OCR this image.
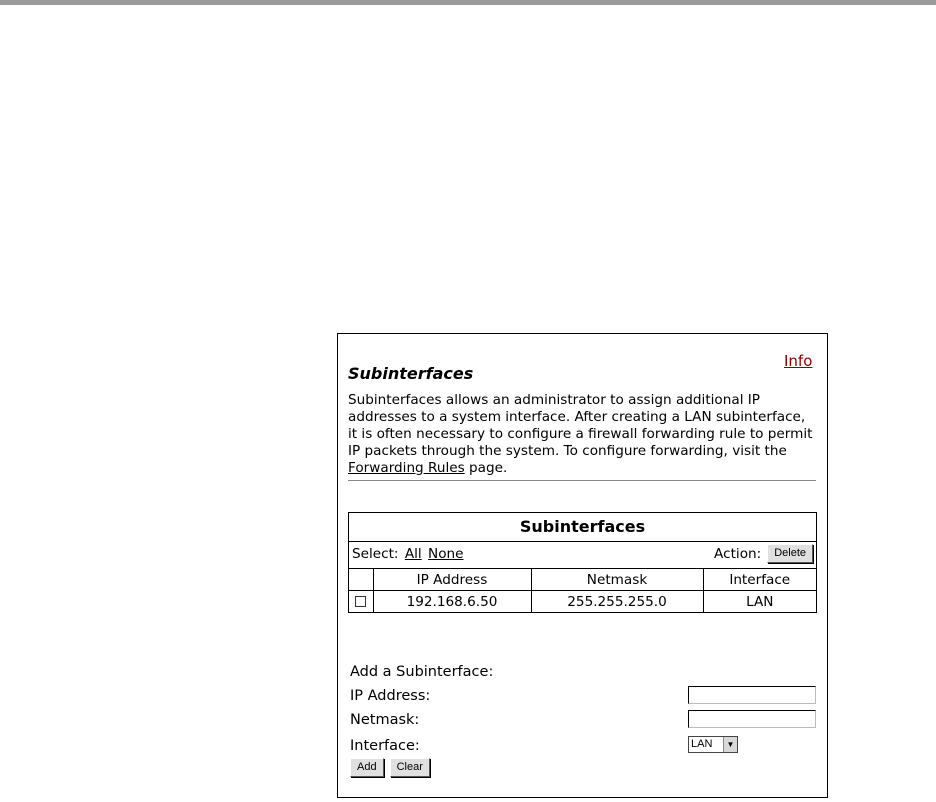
Subinterfaces
Info
Subinterfaces allows an administrator to assign additional IP addresses to a system interface. After creating a LAN subinterface, it is often necessary to configure a firewall forwarding rule to permit IP packets through the system. To configure forwarding, visit the Forwarding Rules page.
Subinterfaces
Select: All None	Action:	Delete
	IP Address	Netmask	Interface
	192.168.6.50	255.255.255.0	LAN
Add a Subinterface:
IP Address:
Netmask:
Interface:	LAN	▼
Add	Clear
